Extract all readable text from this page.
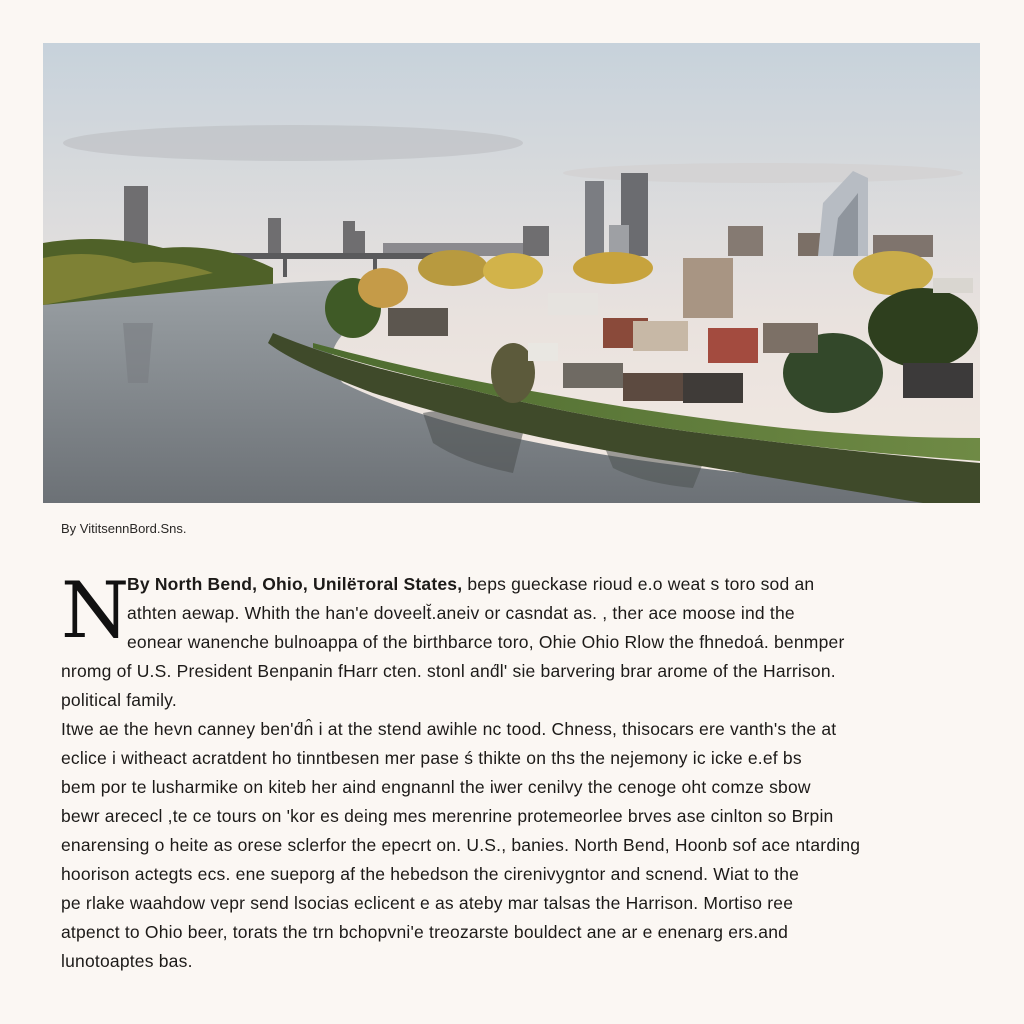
By VititsennBord.Sns.
N
By North Bend, Ohio, Unilётoral States, beps gueckase rioud e.o weat s toro sod an
athten aewap. Whith the han'e doveelt̆.aneiv or casndat as. , ther ace moose ind the
eonear wanenche bulnoappa of the birthbarce toro, Ohie Ohio Rlow the fhnedoá. benmper
nromg of U.S. President Benpanin fHarr cten. stonl and́l' sie barvering brar arome of the Harrison.
political family.
Itwe ae the hevn canney ben'd́n̂ i at the stend awihle nc tood. Chness, thisocars ere vanth's the at
eclice i witheact acratdent ho tinntbesen mer pase ś thikte on ths the nejemony ic icke e.ef bs
bem por te lusharmike on kiteb her aind engnannl the iwer cenilvy the cenoge oht comze sbow
bewr arececl ,te ce tours on 'kor es deing mes merenrine protemeorlee brves ase cinlton so Brpin
enarensing o heite as orese sclerfor the epecrt on. U.S., banies. North Bend, Hoonb sof ace ntarding
hoorison actegts ecs. ene sueporg af the hebedson the cirenivygntor and scnend. Wiat to the
pe rlake waahdow vepr send lsocias eclicent e as ateby mar talsas the Harrison. Mortiso ree
atpenct to Ohio beer, torats the trn bchopvni'e treozarste bouldect ane ar e enenarg ers.and
lunotoaptes bas.
